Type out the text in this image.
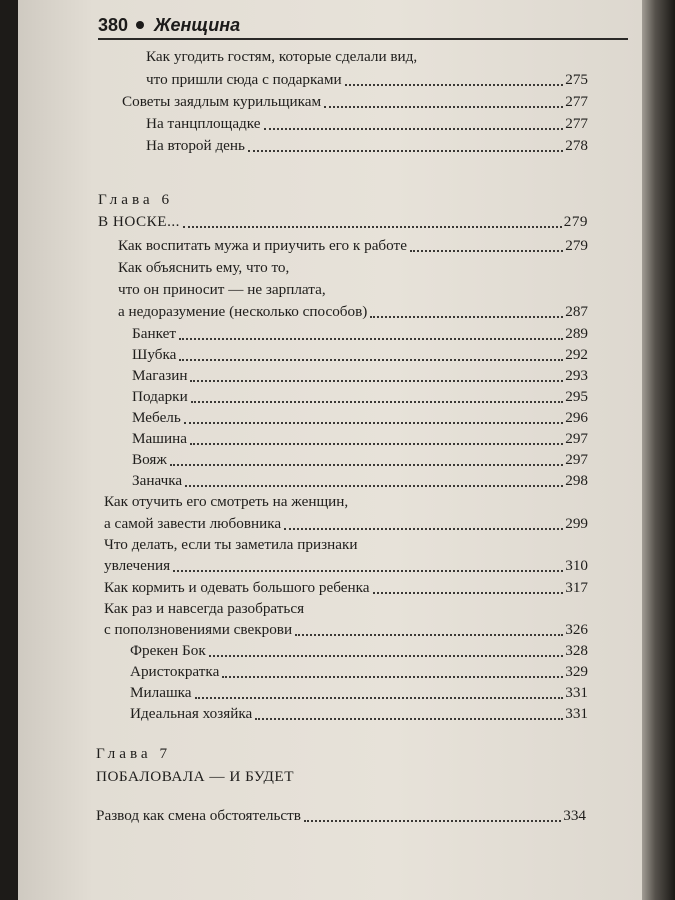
380 Женщина
Как угодить гостям, которые сделали вид,
что пришли сюда с подарками	275
Советы заядлым курильщикам	277
На танцплощадке	277
На второй день	278
Глава 6
В НОСКЕ...	279
Как воспитать мужа и приучить его к работе	279
Как объяснить ему, что то,
что он приносит — не зарплата,
а недоразумение (несколько способов)	287
Банкет	289
Шубка	292
Магазин	293
Подарки	295
Мебель	296
Машина	297
Вояж	297
Заначка	298
Как отучить его смотреть на женщин,
а самой завести любовника	299
Что делать, если ты заметила признаки
увлечения	310
Как кормить и одевать большого ребенка	317
Как раз и навсегда разобраться
с поползновениями свекрови	326
Фрекен Бок	328
Аристократка	329
Милашка	331
Идеальная хозяйка	331
Глава 7
ПОБАЛОВАЛА — И БУДЕТ
Развод как смена обстоятельств	334
